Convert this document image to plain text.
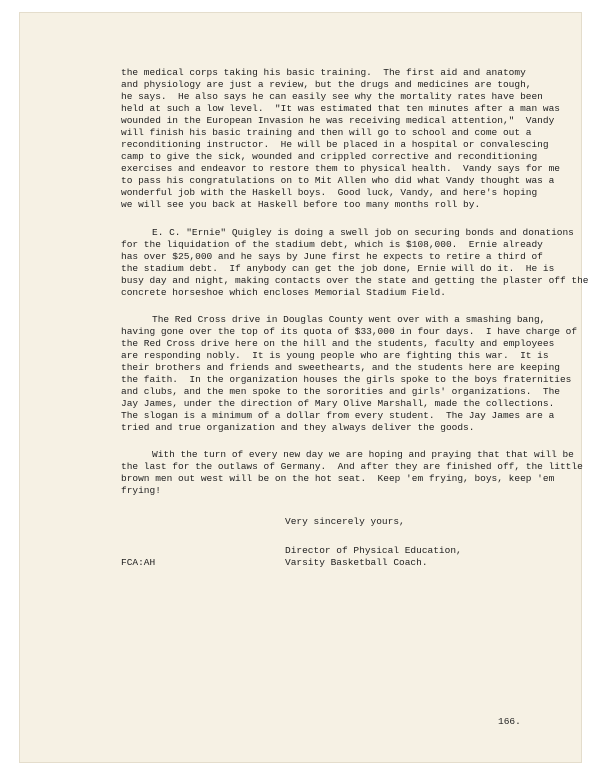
the medical corps taking his basic training.  The first aid and anatomy
and physiology are just a review, but the drugs and medicines are tough,
he says.  He also says he can easily see why the mortality rates have been
held at such a low level.  "It was estimated that ten minutes after a man was
wounded in the European Invasion he was receiving medical attention,"  Vandy
will finish his basic training and then will go to school and come out a
reconditioning instructor.  He will be placed in a hospital or convalescing
camp to give the sick, wounded and crippled corrective and reconditioning
exercises and endeavor to restore them to physical health.  Vandy says for me
to pass his congratulations on to Mit Allen who did what Vandy thought was a
wonderful job with the Haskell boys.  Good luck, Vandy, and here's hoping
we will see you back at Haskell before too many months roll by.
E. C. "Ernie" Quigley is doing a swell job on securing bonds and donations
for the liquidation of the stadium debt, which is $108,000.  Ernie already
has over $25,000 and he says by June first he expects to retire a third of
the stadium debt.  If anybody can get the job done, Ernie will do it.  He is
busy day and night, making contacts over the state and getting the plaster off the
concrete horseshoe which encloses Memorial Stadium Field.
The Red Cross drive in Douglas County went over with a smashing bang,
having gone over the top of its quota of $33,000 in four days.  I have charge of
the Red Cross drive here on the hill and the students, faculty and employees
are responding nobly.  It is young people who are fighting this war.  It is
their brothers and friends and sweethearts, and the students here are keeping
the faith.  In the organization houses the girls spoke to the boys fraternities
and clubs, and the men spoke to the sororities and girls' organizations.  The
Jay James, under the direction of Mary Olive Marshall, made the collections.
The slogan is a minimum of a dollar from every student.  The Jay James are a
tried and true organization and they always deliver the goods.
With the turn of every new day we are hoping and praying that that will be
the last for the outlaws of Germany.  And after they are finished off, the little
brown men out west will be on the hot seat.  Keep 'em frying, boys, keep 'em
frying!
Very sincerely yours,
Director of Physical Education,
Varsity Basketball Coach.
FCA:AH
166.
